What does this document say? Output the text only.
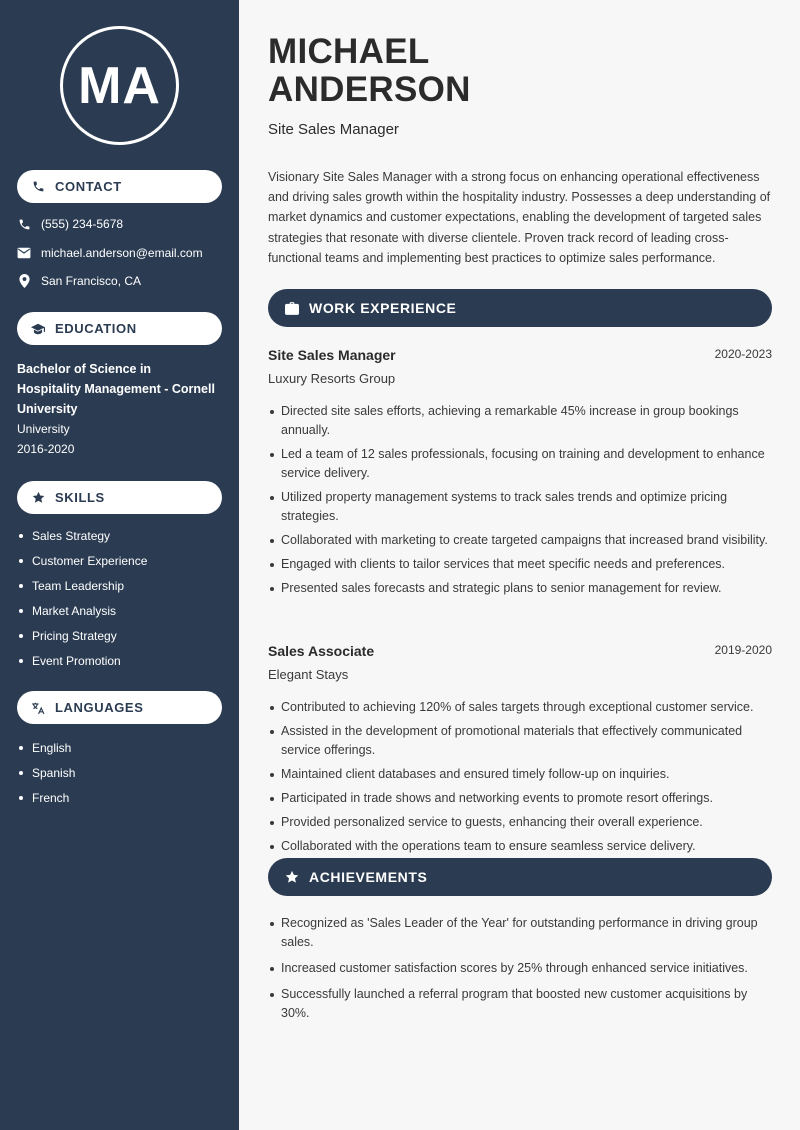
MA
CONTACT
(555) 234-5678
michael.anderson@email.com
San Francisco, CA
EDUCATION
Bachelor of Science in Hospitality Management - Cornell University
University
2016-2020
SKILLS
Sales Strategy
Customer Experience
Team Leadership
Market Analysis
Pricing Strategy
Event Promotion
LANGUAGES
English
Spanish
French
MICHAEL
ANDERSON
Site Sales Manager
Visionary Site Sales Manager with a strong focus on enhancing operational effectiveness and driving sales growth within the hospitality industry. Possesses a deep understanding of market dynamics and customer expectations, enabling the development of targeted sales strategies that resonate with diverse clientele. Proven track record of leading cross-functional teams and implementing best practices to optimize sales performance.
WORK EXPERIENCE
Site Sales Manager	2020-2023
Luxury Resorts Group
Directed site sales efforts, achieving a remarkable 45% increase in group bookings annually.
Led a team of 12 sales professionals, focusing on training and development to enhance service delivery.
Utilized property management systems to track sales trends and optimize pricing strategies.
Collaborated with marketing to create targeted campaigns that increased brand visibility.
Engaged with clients to tailor services that meet specific needs and preferences.
Presented sales forecasts and strategic plans to senior management for review.
Sales Associate	2019-2020
Elegant Stays
Contributed to achieving 120% of sales targets through exceptional customer service.
Assisted in the development of promotional materials that effectively communicated service offerings.
Maintained client databases and ensured timely follow-up on inquiries.
Participated in trade shows and networking events to promote resort offerings.
Provided personalized service to guests, enhancing their overall experience.
Collaborated with the operations team to ensure seamless service delivery.
ACHIEVEMENTS
Recognized as 'Sales Leader of the Year' for outstanding performance in driving group sales.
Increased customer satisfaction scores by 25% through enhanced service initiatives.
Successfully launched a referral program that boosted new customer acquisitions by 30%.
